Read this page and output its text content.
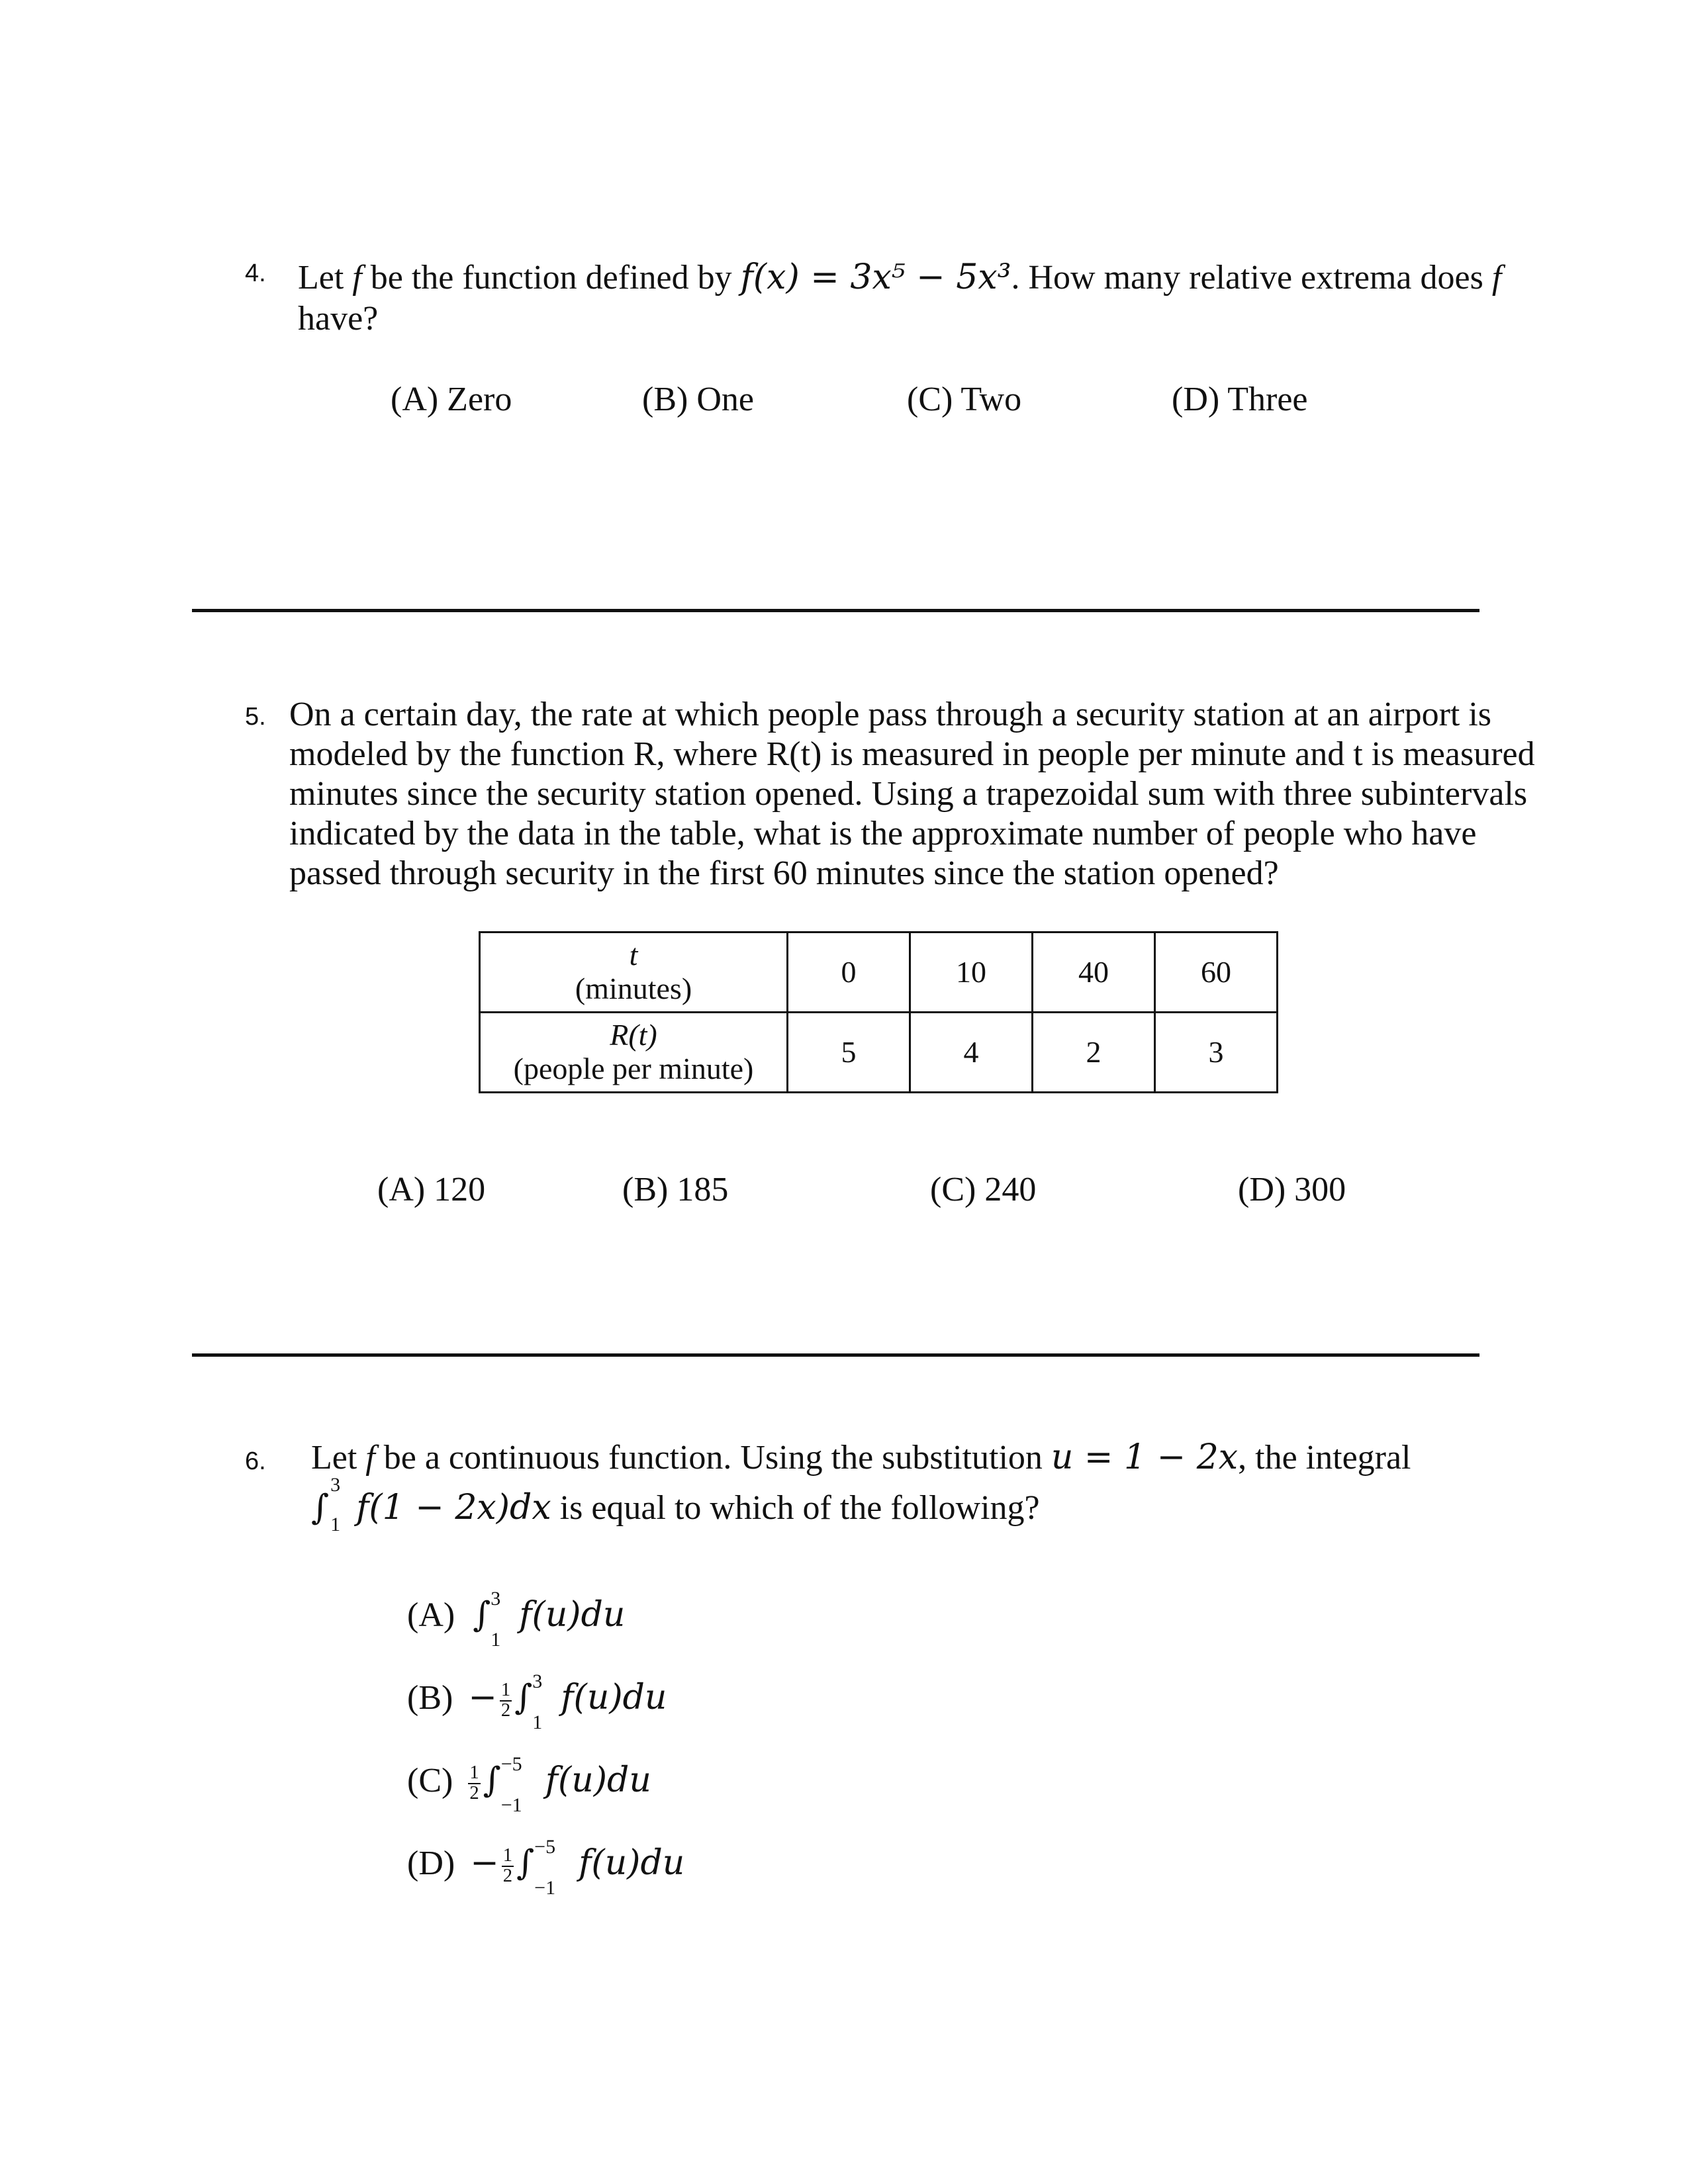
4. Let f be the function defined by f(x) = 3x⁵ − 5x³. How many relative extrema does f
have?
(A) Zero	(B) One	(C) Two	(D) Three
5. On a certain day, the rate at which people pass through a security station at an airport is
modeled by the function R, where R(t) is measured in people per minute and t is measured
minutes since the security station opened. Using a trapezoidal sum with three subintervals
indicated by the data in the table, what is the approximate number of people who have
passed through security in the first 60 minutes since the station opened?
t
(minutes)	0	10	40	60

R(t)
(people per minute)	5	4	2	3
(A) 120	(B) 185	(C) 240	(D) 300
6. Let f be a continuous function. Using the substitution u = 1 − 2x, the integral
∫
3
1 f(1 − 2x)dx is equal to which of the following?
(A) ∫ 3
1
f(u)du
$(B) - \frac{1}{2}$ ∫ 3
1
f(u)du
$(C) \frac{1}{2}$ ∫ −5
−1
f(u)du
$(D) - \frac{1}{2}$ ∫ −5
−1
f(u)du
